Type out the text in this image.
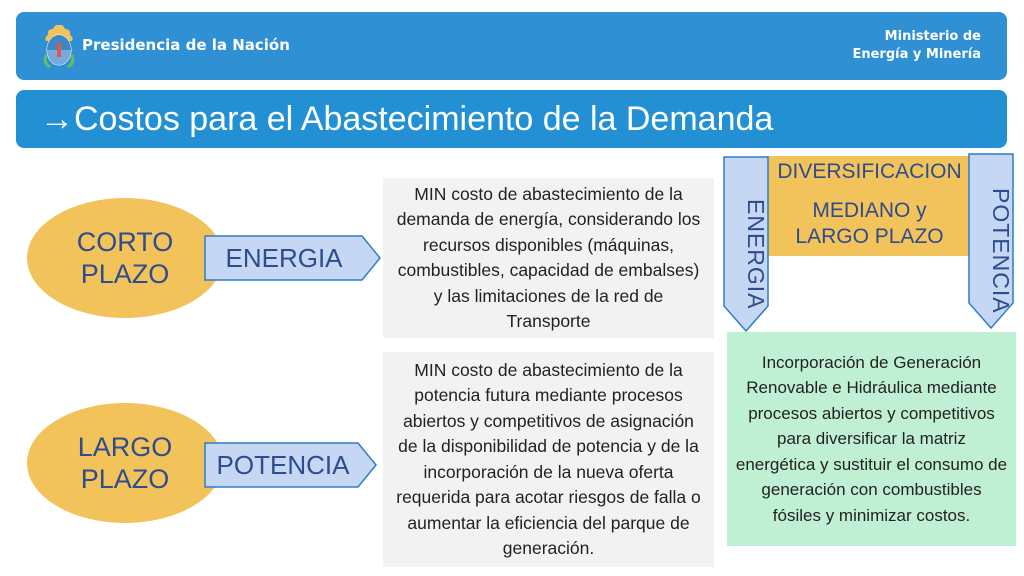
Presidencia de la Nación	Ministerio de
Energía y Minería
→Costos para el Abastecimiento de la Demanda
CORTO
PLAZO
LARGO
PLAZO
ENERGIA
POTENCIA
MIN costo de abastecimiento de la demanda de energía, considerando los recursos disponibles (máquinas, combustibles, capacidad de embalses) y las limitaciones de la red de Transporte
MIN costo de abastecimiento de la potencia futura mediante procesos abiertos y competitivos de asignación de la disponibilidad de potencia y de la incorporación de la nueva oferta requerida para acotar riesgos de falla o aumentar la eficiencia del parque de generación.
DIVERSIFICACION
MEDIANO y
LARGO PLAZO
ENERGIA	POTENCIA
Incorporación de Generación Renovable e Hidráulica mediante procesos abiertos y competitivos para diversificar la matriz energética y sustituir el consumo de generación con combustibles fósiles y minimizar costos.
